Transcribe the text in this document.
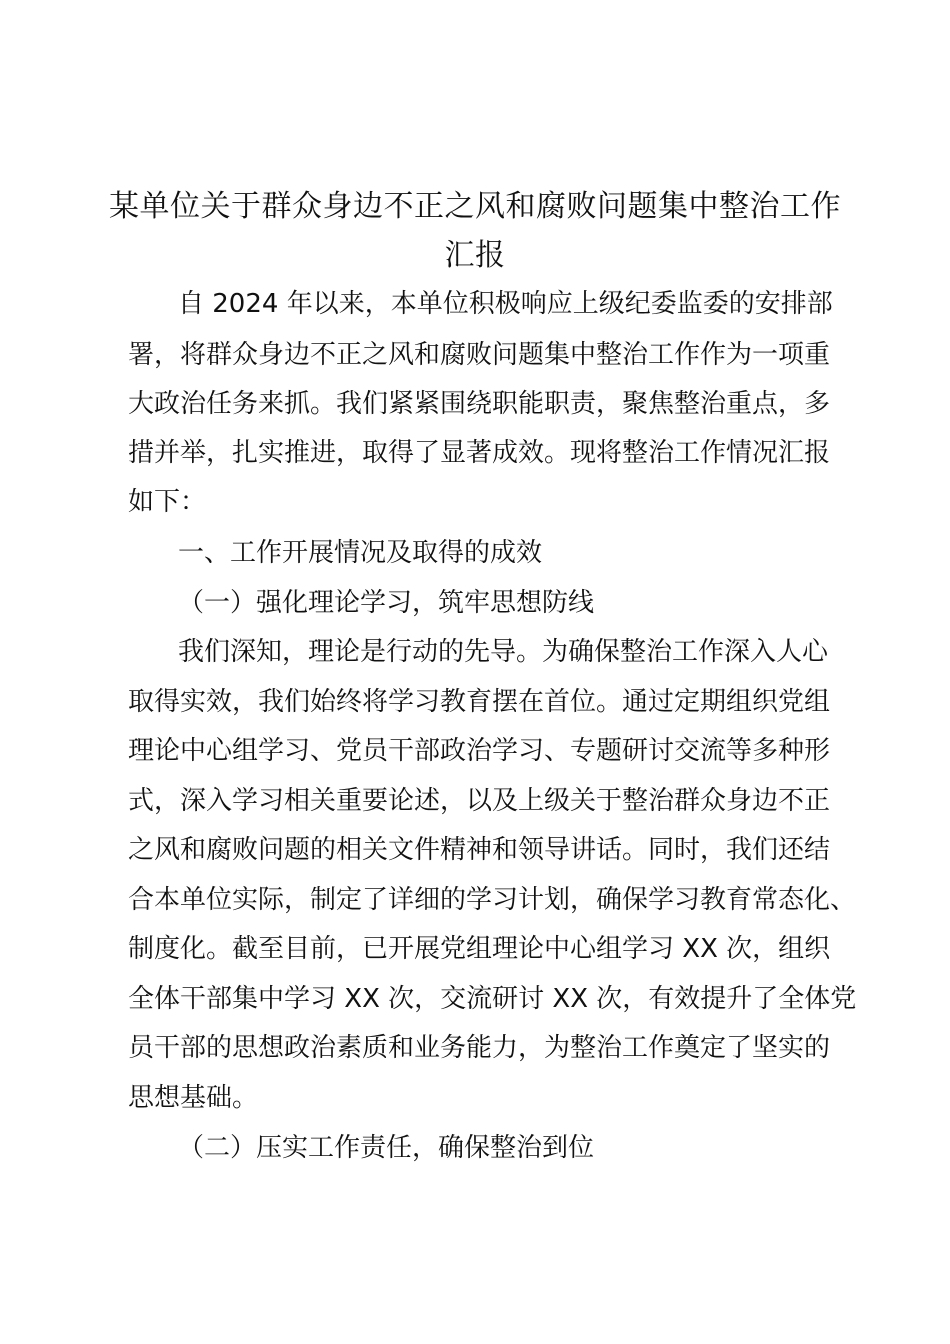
某单位关于群众身边不正之风和腐败问题集中整治工作
汇报
自 2024 年以来，本单位积极响应上级纪委监委的安排部
署，将群众身边不正之风和腐败问题集中整治工作作为一项重
大政治任务来抓。我们紧紧围绕职能职责，聚焦整治重点，多
措并举，扎实推进，取得了显著成效。现将整治工作情况汇报
如下：
一、工作开展情况及取得的成效
（一）强化理论学习，筑牢思想防线
我们深知，理论是行动的先导。为确保整治工作深入人心
取得实效，我们始终将学习教育摆在首位。通过定期组织党组
理论中心组学习、党员干部政治学习、专题研讨交流等多种形
式，深入学习相关重要论述，以及上级关于整治群众身边不正
之风和腐败问题的相关文件精神和领导讲话。同时，我们还结
合本单位实际，制定了详细的学习计划，确保学习教育常态化、
制度化。截至目前，已开展党组理论中心组学习 XX 次，组织
全体干部集中学习 XX 次，交流研讨 XX 次，有效提升了全体党
员干部的思想政治素质和业务能力，为整治工作奠定了坚实的
思想基础。
（二）压实工作责任，确保整治到位
